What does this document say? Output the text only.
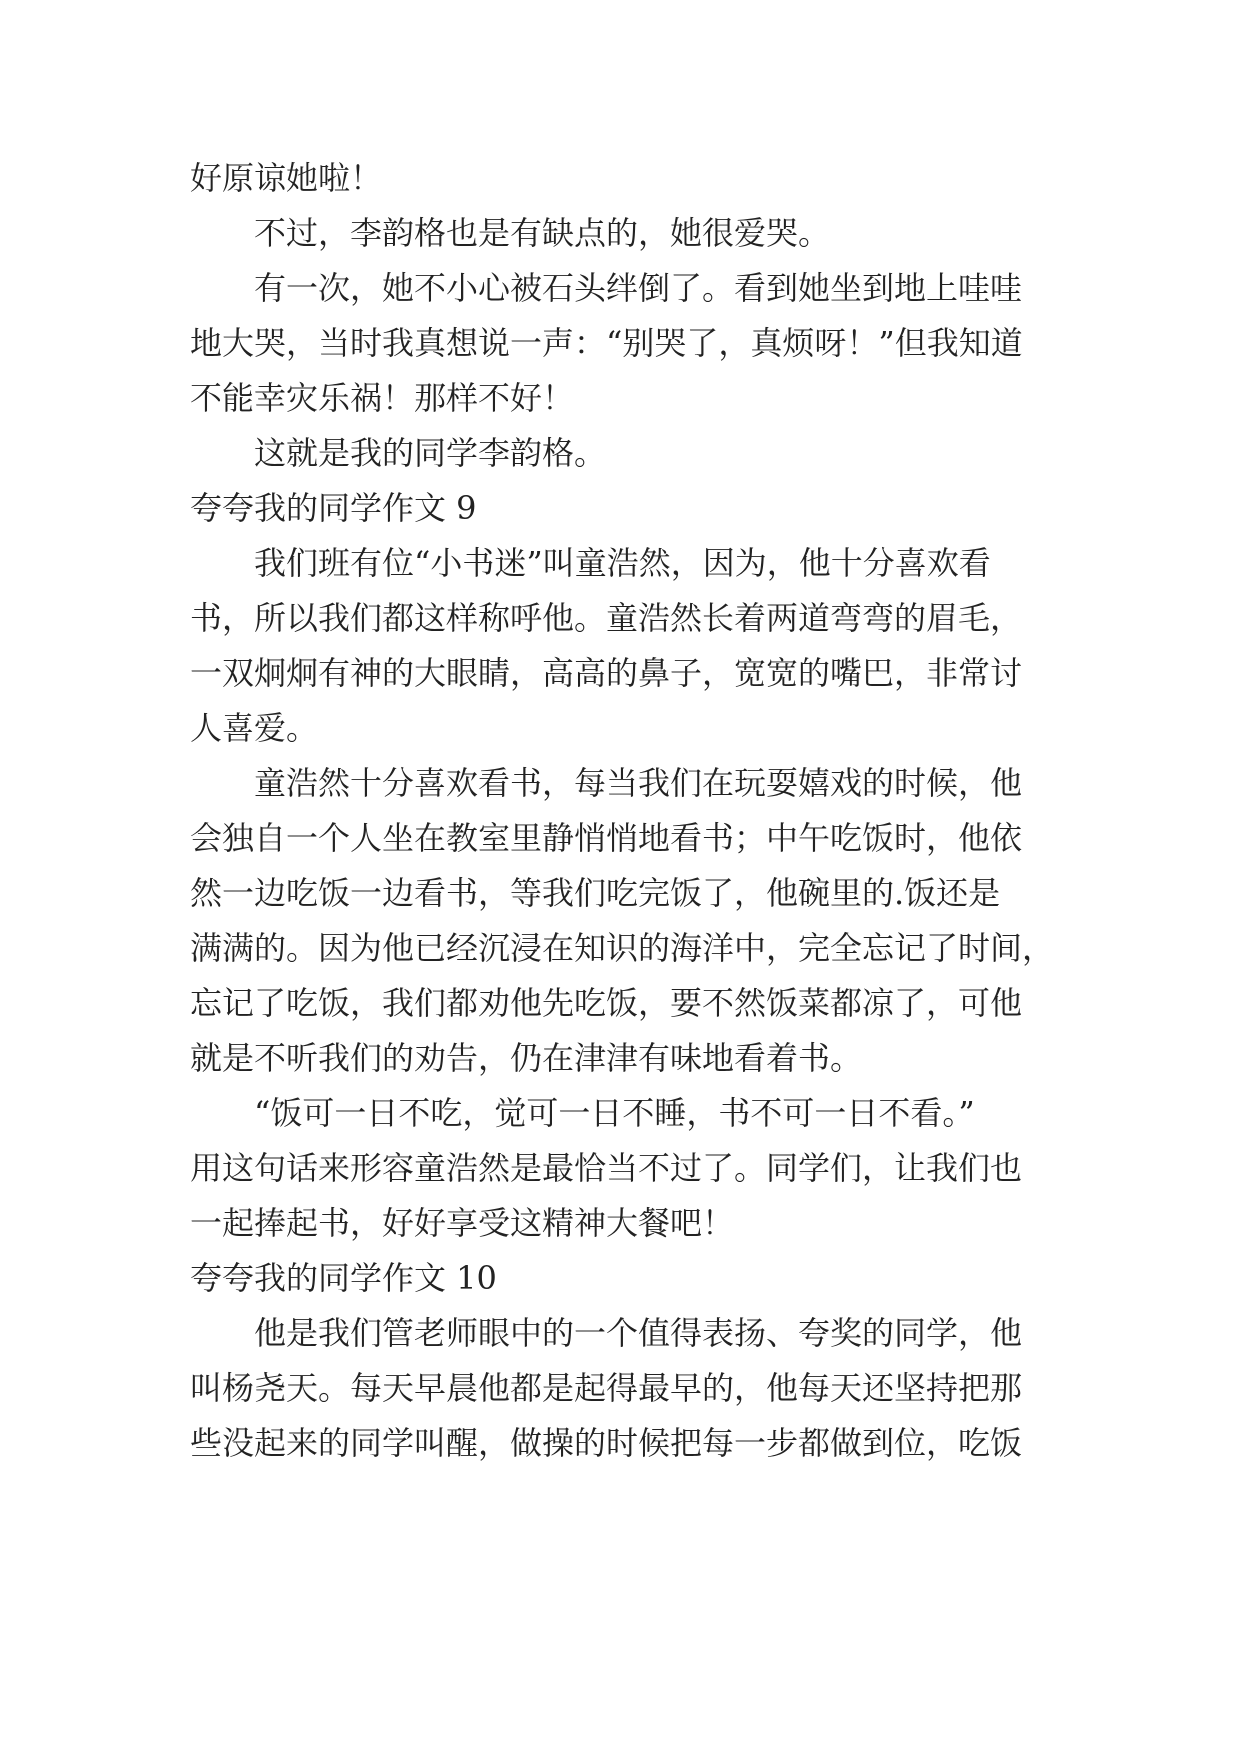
好原谅她啦！
不过，李韵格也是有缺点的，她很爱哭。
有一次，她不小心被石头绊倒了。看到她坐到地上哇哇
地大哭，当时我真想说一声：“别哭了，真烦呀！”但我知道
不能幸灾乐祸！那样不好！
这就是我的同学李韵格。
夸夸我的同学作文 9
我们班有位“小书迷”叫童浩然，因为，他十分喜欢看
书，所以我们都这样称呼他。童浩然长着两道弯弯的眉毛，
一双炯炯有神的大眼睛，高高的鼻子，宽宽的嘴巴，非常讨
人喜爱。
童浩然十分喜欢看书，每当我们在玩耍嬉戏的时候，他
会独自一个人坐在教室里静悄悄地看书；中午吃饭时，他依
然一边吃饭一边看书，等我们吃完饭了，他碗里的.饭还是
满满的。因为他已经沉浸在知识的海洋中，完全忘记了时间，
忘记了吃饭，我们都劝他先吃饭，要不然饭菜都凉了，可他
就是不听我们的劝告，仍在津津有味地看着书。
“饭可一日不吃，觉可一日不睡，书不可一日不看。”
用这句话来形容童浩然是最恰当不过了。同学们，让我们也
一起捧起书，好好享受这精神大餐吧！
夸夸我的同学作文 10
他是我们管老师眼中的一个值得表扬、夸奖的同学，他
叫杨尧天。每天早晨他都是起得最早的，他每天还坚持把那
些没起来的同学叫醒，做操的时候把每一步都做到位，吃饭
